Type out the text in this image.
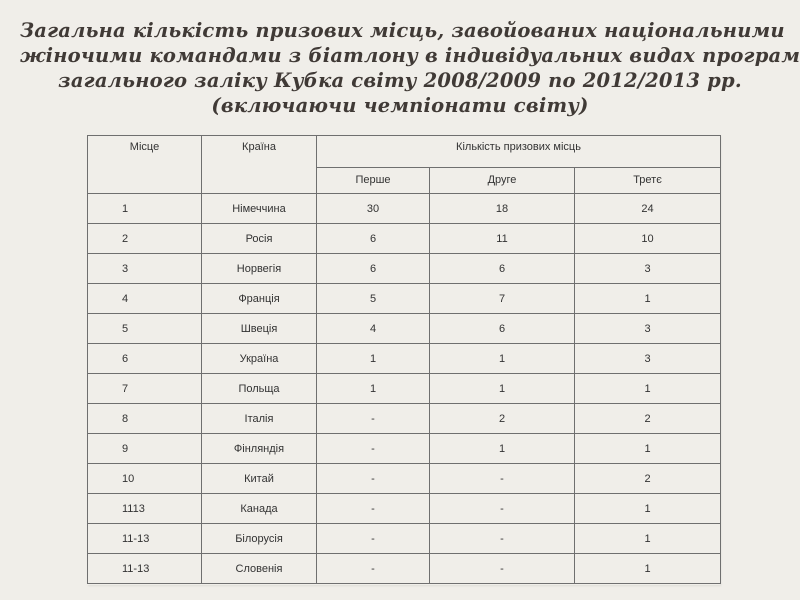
Загальна кількість призових місць, завойованих національними
жіночими командами з біатлону в індивідуальних видах програм
загального заліку Кубка світу 2008/2009 по 2012/2013 рр.
(включаючи чемпіонати світу)
Місце	Країна	Кількість призових місць		
		Перше	Друге	Третє
1	Німеччина	30	18	24
2	Росія	6	11	10
3	Норвегія	6	6	3
4	Франція	5	7	1
5	Швеція	4	6	3
6	Україна	1	1	3
7	Польща	1	1	1
8	Італія	-	2	2
9	Фінляндія	-	1	1
10	Китай	-	-	2
1113	Канада	-	-	1
11-13	Білорусія	-	-	1
11-13	Словенія	-	-	1
